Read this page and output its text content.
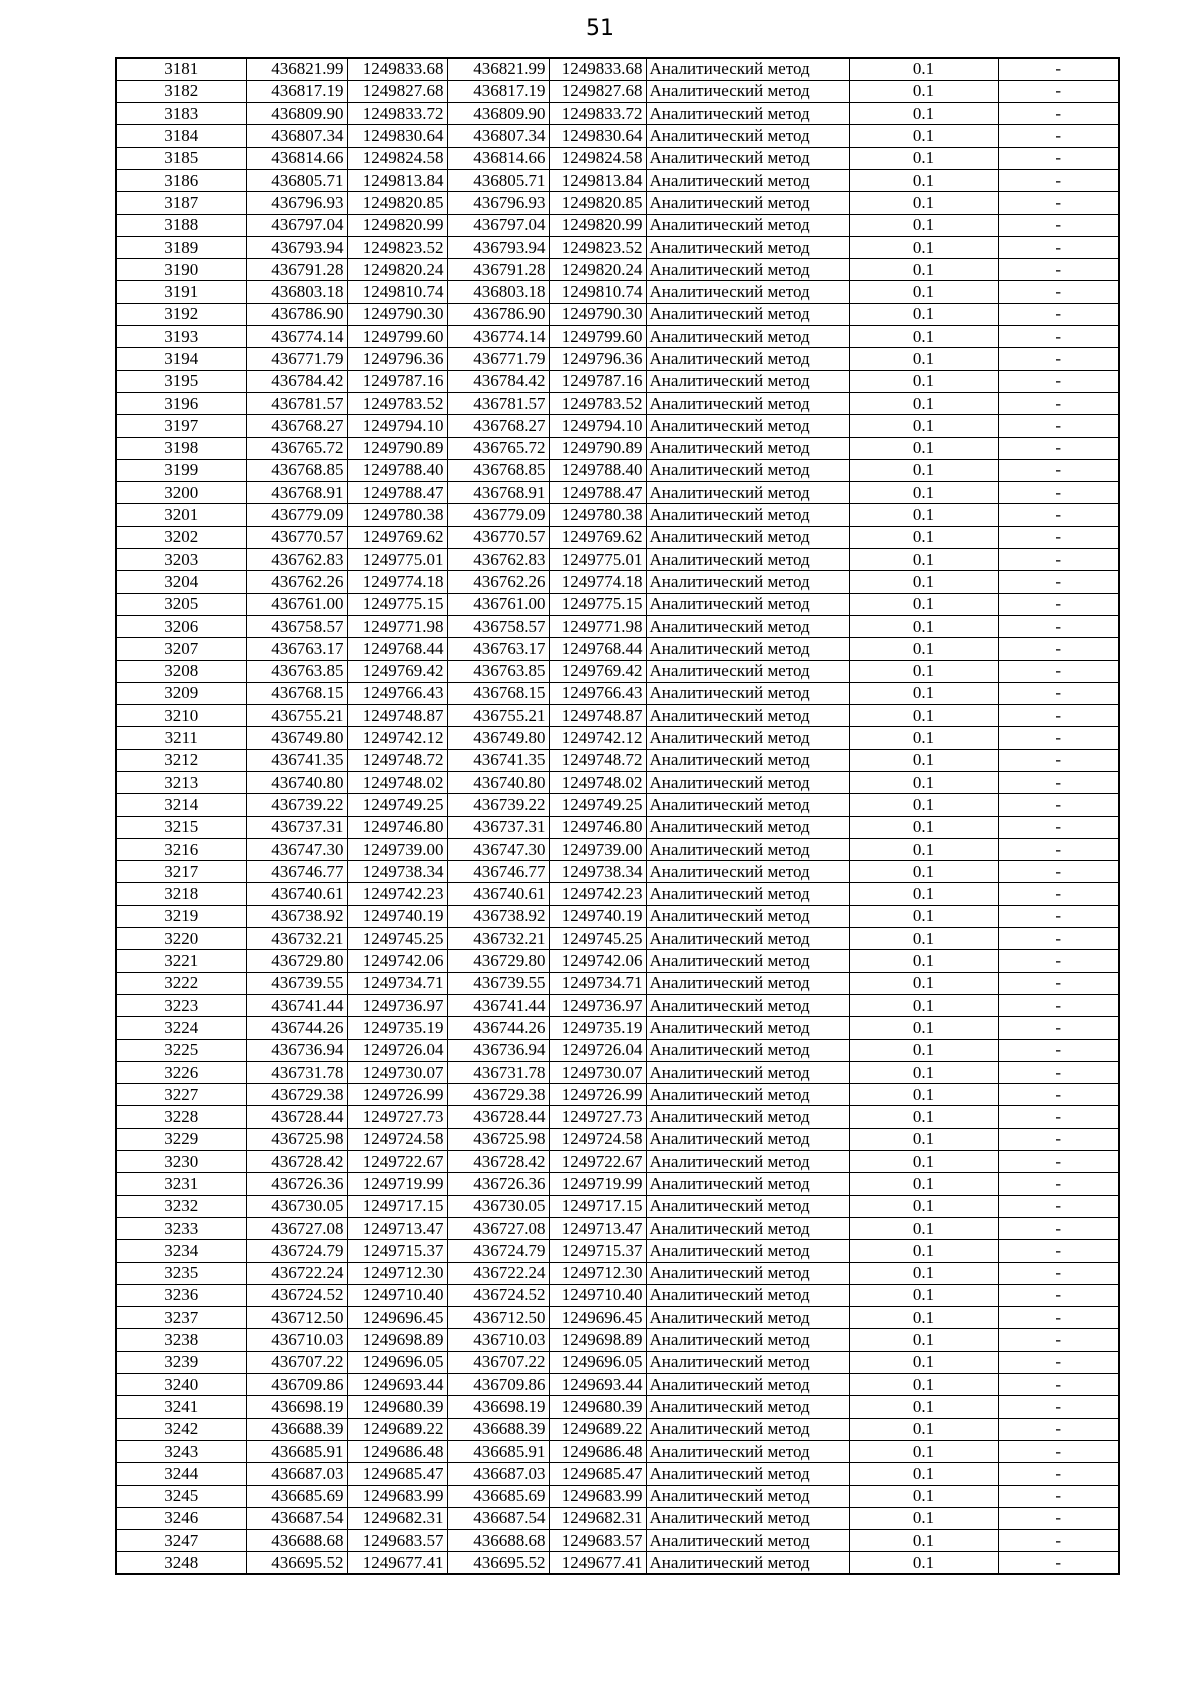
51
3181	436821.99	1249833.68	436821.99	1249833.68	Аналитический метод	0.1	-
3182	436817.19	1249827.68	436817.19	1249827.68	Аналитический метод	0.1	-
3183	436809.90	1249833.72	436809.90	1249833.72	Аналитический метод	0.1	-
3184	436807.34	1249830.64	436807.34	1249830.64	Аналитический метод	0.1	-
3185	436814.66	1249824.58	436814.66	1249824.58	Аналитический метод	0.1	-
3186	436805.71	1249813.84	436805.71	1249813.84	Аналитический метод	0.1	-
3187	436796.93	1249820.85	436796.93	1249820.85	Аналитический метод	0.1	-
3188	436797.04	1249820.99	436797.04	1249820.99	Аналитический метод	0.1	-
3189	436793.94	1249823.52	436793.94	1249823.52	Аналитический метод	0.1	-
3190	436791.28	1249820.24	436791.28	1249820.24	Аналитический метод	0.1	-
3191	436803.18	1249810.74	436803.18	1249810.74	Аналитический метод	0.1	-
3192	436786.90	1249790.30	436786.90	1249790.30	Аналитический метод	0.1	-
3193	436774.14	1249799.60	436774.14	1249799.60	Аналитический метод	0.1	-
3194	436771.79	1249796.36	436771.79	1249796.36	Аналитический метод	0.1	-
3195	436784.42	1249787.16	436784.42	1249787.16	Аналитический метод	0.1	-
3196	436781.57	1249783.52	436781.57	1249783.52	Аналитический метод	0.1	-
3197	436768.27	1249794.10	436768.27	1249794.10	Аналитический метод	0.1	-
3198	436765.72	1249790.89	436765.72	1249790.89	Аналитический метод	0.1	-
3199	436768.85	1249788.40	436768.85	1249788.40	Аналитический метод	0.1	-
3200	436768.91	1249788.47	436768.91	1249788.47	Аналитический метод	0.1	-
3201	436779.09	1249780.38	436779.09	1249780.38	Аналитический метод	0.1	-
3202	436770.57	1249769.62	436770.57	1249769.62	Аналитический метод	0.1	-
3203	436762.83	1249775.01	436762.83	1249775.01	Аналитический метод	0.1	-
3204	436762.26	1249774.18	436762.26	1249774.18	Аналитический метод	0.1	-
3205	436761.00	1249775.15	436761.00	1249775.15	Аналитический метод	0.1	-
3206	436758.57	1249771.98	436758.57	1249771.98	Аналитический метод	0.1	-
3207	436763.17	1249768.44	436763.17	1249768.44	Аналитический метод	0.1	-
3208	436763.85	1249769.42	436763.85	1249769.42	Аналитический метод	0.1	-
3209	436768.15	1249766.43	436768.15	1249766.43	Аналитический метод	0.1	-
3210	436755.21	1249748.87	436755.21	1249748.87	Аналитический метод	0.1	-
3211	436749.80	1249742.12	436749.80	1249742.12	Аналитический метод	0.1	-
3212	436741.35	1249748.72	436741.35	1249748.72	Аналитический метод	0.1	-
3213	436740.80	1249748.02	436740.80	1249748.02	Аналитический метод	0.1	-
3214	436739.22	1249749.25	436739.22	1249749.25	Аналитический метод	0.1	-
3215	436737.31	1249746.80	436737.31	1249746.80	Аналитический метод	0.1	-
3216	436747.30	1249739.00	436747.30	1249739.00	Аналитический метод	0.1	-
3217	436746.77	1249738.34	436746.77	1249738.34	Аналитический метод	0.1	-
3218	436740.61	1249742.23	436740.61	1249742.23	Аналитический метод	0.1	-
3219	436738.92	1249740.19	436738.92	1249740.19	Аналитический метод	0.1	-
3220	436732.21	1249745.25	436732.21	1249745.25	Аналитический метод	0.1	-
3221	436729.80	1249742.06	436729.80	1249742.06	Аналитический метод	0.1	-
3222	436739.55	1249734.71	436739.55	1249734.71	Аналитический метод	0.1	-
3223	436741.44	1249736.97	436741.44	1249736.97	Аналитический метод	0.1	-
3224	436744.26	1249735.19	436744.26	1249735.19	Аналитический метод	0.1	-
3225	436736.94	1249726.04	436736.94	1249726.04	Аналитический метод	0.1	-
3226	436731.78	1249730.07	436731.78	1249730.07	Аналитический метод	0.1	-
3227	436729.38	1249726.99	436729.38	1249726.99	Аналитический метод	0.1	-
3228	436728.44	1249727.73	436728.44	1249727.73	Аналитический метод	0.1	-
3229	436725.98	1249724.58	436725.98	1249724.58	Аналитический метод	0.1	-
3230	436728.42	1249722.67	436728.42	1249722.67	Аналитический метод	0.1	-
3231	436726.36	1249719.99	436726.36	1249719.99	Аналитический метод	0.1	-
3232	436730.05	1249717.15	436730.05	1249717.15	Аналитический метод	0.1	-
3233	436727.08	1249713.47	436727.08	1249713.47	Аналитический метод	0.1	-
3234	436724.79	1249715.37	436724.79	1249715.37	Аналитический метод	0.1	-
3235	436722.24	1249712.30	436722.24	1249712.30	Аналитический метод	0.1	-
3236	436724.52	1249710.40	436724.52	1249710.40	Аналитический метод	0.1	-
3237	436712.50	1249696.45	436712.50	1249696.45	Аналитический метод	0.1	-
3238	436710.03	1249698.89	436710.03	1249698.89	Аналитический метод	0.1	-
3239	436707.22	1249696.05	436707.22	1249696.05	Аналитический метод	0.1	-
3240	436709.86	1249693.44	436709.86	1249693.44	Аналитический метод	0.1	-
3241	436698.19	1249680.39	436698.19	1249680.39	Аналитический метод	0.1	-
3242	436688.39	1249689.22	436688.39	1249689.22	Аналитический метод	0.1	-
3243	436685.91	1249686.48	436685.91	1249686.48	Аналитический метод	0.1	-
3244	436687.03	1249685.47	436687.03	1249685.47	Аналитический метод	0.1	-
3245	436685.69	1249683.99	436685.69	1249683.99	Аналитический метод	0.1	-
3246	436687.54	1249682.31	436687.54	1249682.31	Аналитический метод	0.1	-
3247	436688.68	1249683.57	436688.68	1249683.57	Аналитический метод	0.1	-
3248	436695.52	1249677.41	436695.52	1249677.41	Аналитический метод	0.1	-
